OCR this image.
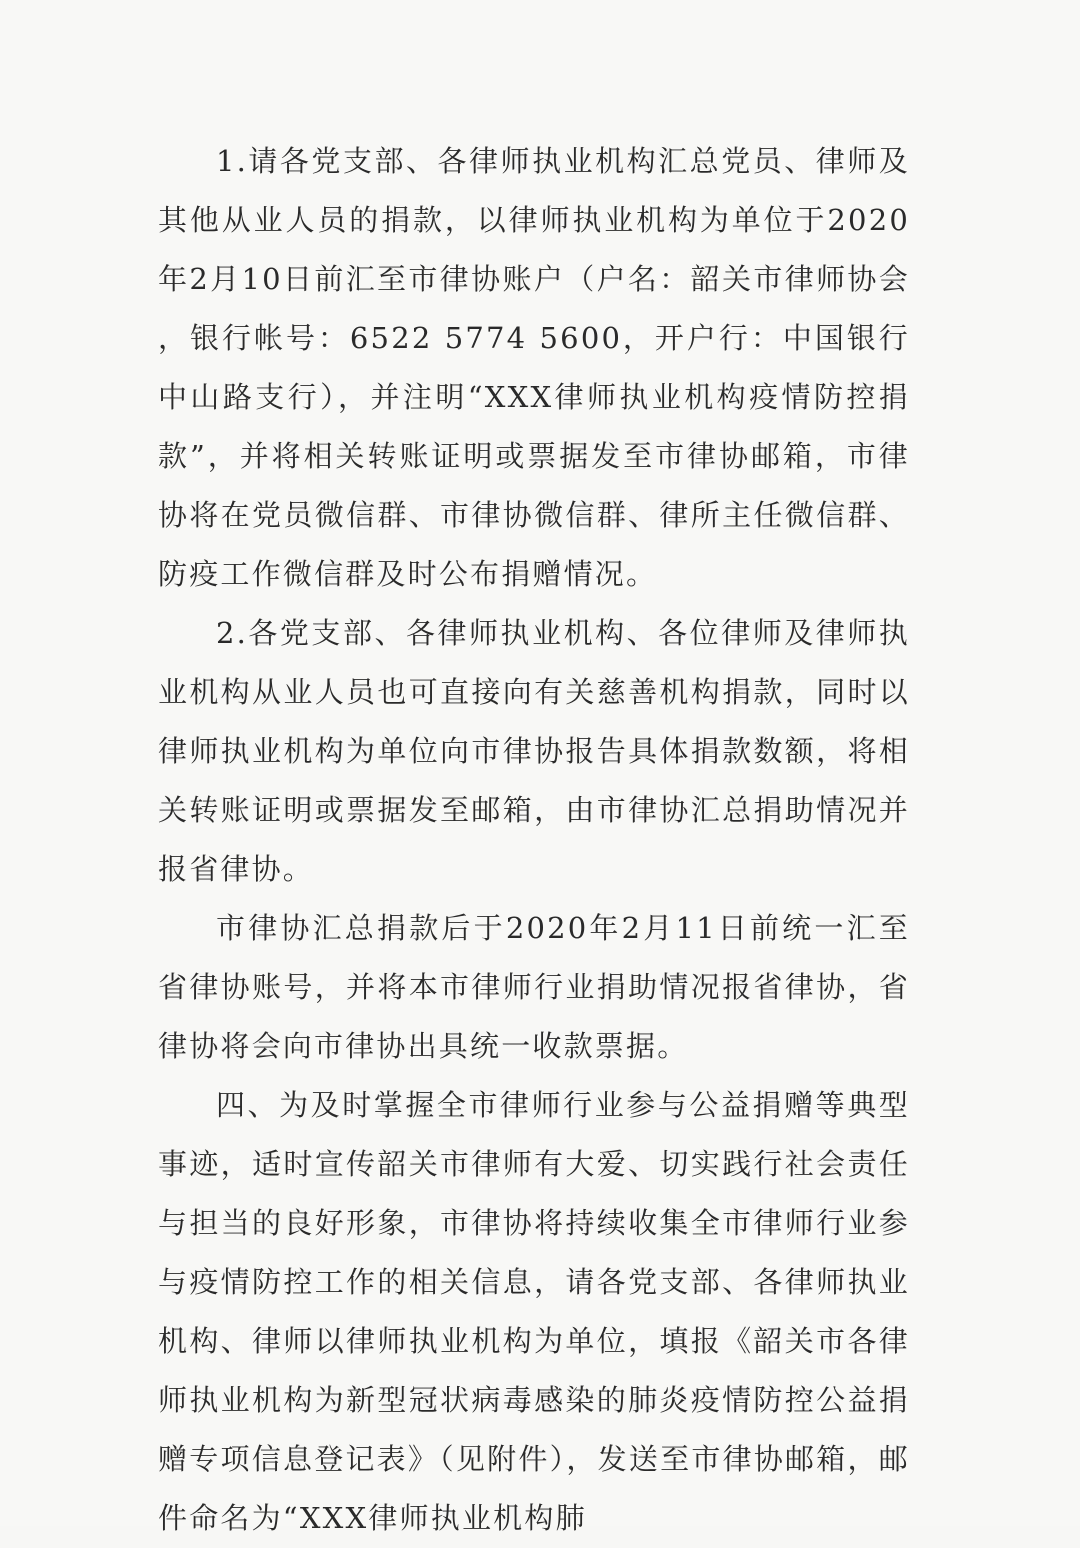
1.请各党支部、各律师执业机构汇总党员、律师及其他从业人员的捐款，以律师执业机构为单位于2020年2月10日前汇至市律协账户（户名：韶关市律师协会 ，银行帐号：6522 5774 5600，开户行：中国银行中山路支行），并注明“XXX律师执业机构疫情防控捐款”，并将相关转账证明或票据发至市律协邮箱，市律协将在党员微信群、市律协微信群、律所主任微信群、防疫工作微信群及时公布捐赠情况。

2.各党支部、各律师执业机构、各位律师及律师执业机构从业人员也可直接向有关慈善机构捐款，同时以律师执业机构为单位向市律协报告具体捐款数额，将相关转账证明或票据发至邮箱，由市律协汇总捐助情况并报省律协。

市律协汇总捐款后于2020年2月11日前统一汇至省律协账号，并将本市律师行业捐助情况报省律协，省律协将会向市律协出具统一收款票据。

四、为及时掌握全市律师行业参与公益捐赠等典型事迹，适时宣传韶关市律师有大爱、切实践行社会责任与担当的良好形象，市律协将持续收集全市律师行业参与疫情防控工作的相关信息，请各党支部、各律师执业机构、律师以律师执业机构为单位，填报《韶关市各律师执业机构为新型冠状病毒感染的肺炎疫情防控公益捐赠专项信息登记表》（见附件），发送至市律协邮箱，邮件命名为“XXX律师执业机构肺
